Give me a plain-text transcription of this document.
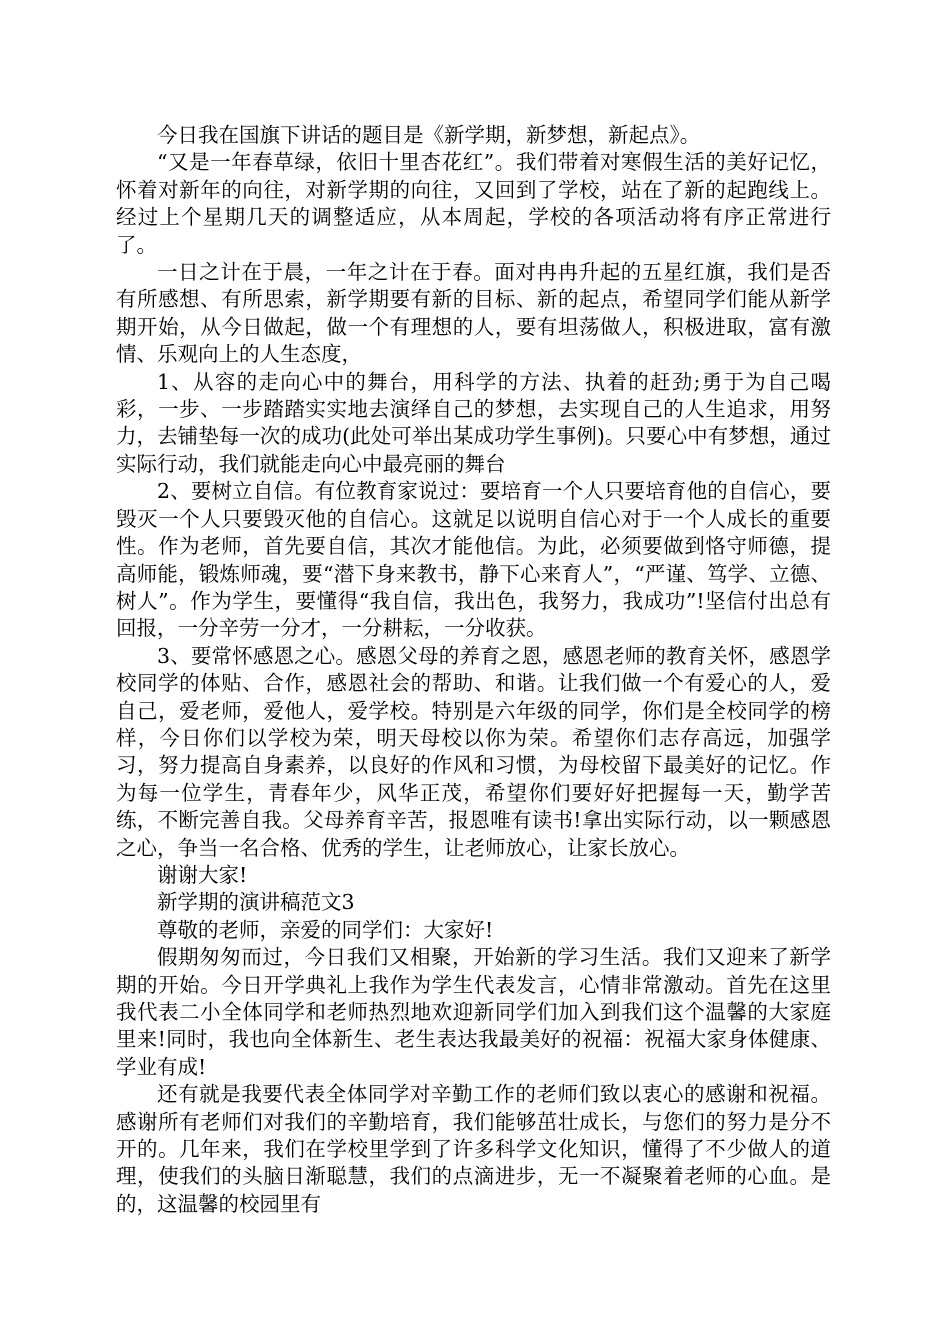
今日我在国旗下讲话的题目是《新学期，新梦想，新起点》。

“又是一年春草绿，依旧十里杏花红”。我们带着对寒假生活的美好记忆，怀着对新年的向往，对新学期的向往，又回到了学校，站在了新的起跑线上。经过上个星期几天的调整适应，从本周起，学校的各项活动将有序正常进行了。

一日之计在于晨，一年之计在于春。面对冉冉升起的五星红旗，我们是否有所感想、有所思索，新学期要有新的目标、新的起点，希望同学们能从新学期开始，从今日做起，做一个有理想的人，要有坦荡做人，积极进取，富有激情、乐观向上的人生态度，

1、从容的走向心中的舞台，用科学的方法、执着的赶劲;勇于为自己喝彩，一步、一步踏踏实实地去演绎自己的梦想，去实现自己的人生追求，用努力，去铺垫每一次的成功(此处可举出某成功学生事例)。只要心中有梦想，通过实际行动，我们就能走向心中最亮丽的舞台

2、要树立自信。有位教育家说过：要培育一个人只要培育他的自信心，要毁灭一个人只要毁灭他的自信心。这就足以说明自信心对于一个人成长的重要性。作为老师，首先要自信，其次才能他信。为此，必须要做到恪守师德，提高师能，锻炼师魂，要“潜下身来教书，静下心来育人”，“严谨、笃学、立德、树人”。作为学生，要懂得“我自信，我出色，我努力，我成功”!坚信付出总有回报，一分辛劳一分才，一分耕耘，一分收获。

3、要常怀感恩之心。感恩父母的养育之恩，感恩老师的教育关怀，感恩学校同学的体贴、合作，感恩社会的帮助、和谐。让我们做一个有爱心的人，爱自己，爱老师，爱他人，爱学校。特别是六年级的同学，你们是全校同学的榜样，今日你们以学校为荣，明天母校以你为荣。希望你们志存高远，加强学习，努力提高自身素养，以良好的作风和习惯，为母校留下最美好的记忆。作为每一位学生，青春年少，风华正茂，希望你们要好好把握每一天，勤学苦练，不断完善自我。父母养育辛苦，报恩唯有读书!拿出实际行动，以一颗感恩之心，争当一名合格、优秀的学生，让老师放心，让家长放心。

谢谢大家!

新学期的演讲稿范文3

尊敬的老师，亲爱的同学们：大家好!

假期匆匆而过，今日我们又相聚，开始新的学习生活。我们又迎来了新学期的开始。今日开学典礼上我作为学生代表发言，心情非常激动。首先在这里我代表二小全体同学和老师热烈地欢迎新同学们加入到我们这个温馨的大家庭里来!同时，我也向全体新生、老生表达我最美好的祝福：祝福大家身体健康、学业有成!

还有就是我要代表全体同学对辛勤工作的老师们致以衷心的感谢和祝福。感谢所有老师们对我们的辛勤培育，我们能够茁壮成长，与您们的努力是分不开的。几年来，我们在学校里学到了许多科学文化知识，懂得了不少做人的道理，使我们的头脑日渐聪慧，我们的点滴进步，无一不凝聚着老师的心血。是的，这温馨的校园里有
